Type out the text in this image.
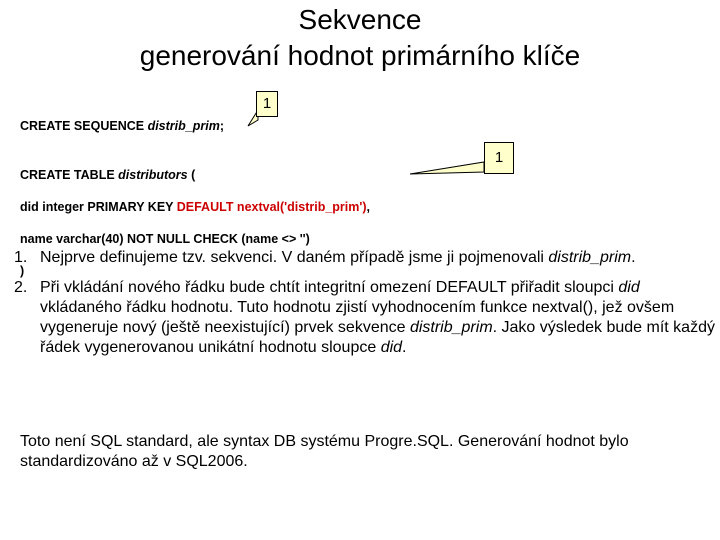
Sekvence
generování hodnot primárního klíče
1
1
CREATE SEQUENCE distrib_prim;

CREATE TABLE distributors (

did integer PRIMARY KEY DEFAULT nextval('distrib_prim'),

name varchar(40) NOT NULL CHECK (name <> '')

)

1. Nejprve definujeme tzv. sekvenci. V daném případě jsme ji pojmenovali distrib_prim.
2. Při vkládání nového řádku bude chtít integritní omezení DEFAULT přiřadit sloupci did vkládaného řádku hodnotu. Tuto hodnotu zjistí vyhodnocením funkce nextval(), jež ovšem vygeneruje nový (ještě neexistující) prvek sekvence distrib_prim. Jako výsledek bude mít každý řádek vygenerovanou unikátní hodnotu sloupce did.
Toto není SQL standard, ale syntax DB systému Progre.SQL. Generování hodnot bylo standardizováno až v SQL2006.
